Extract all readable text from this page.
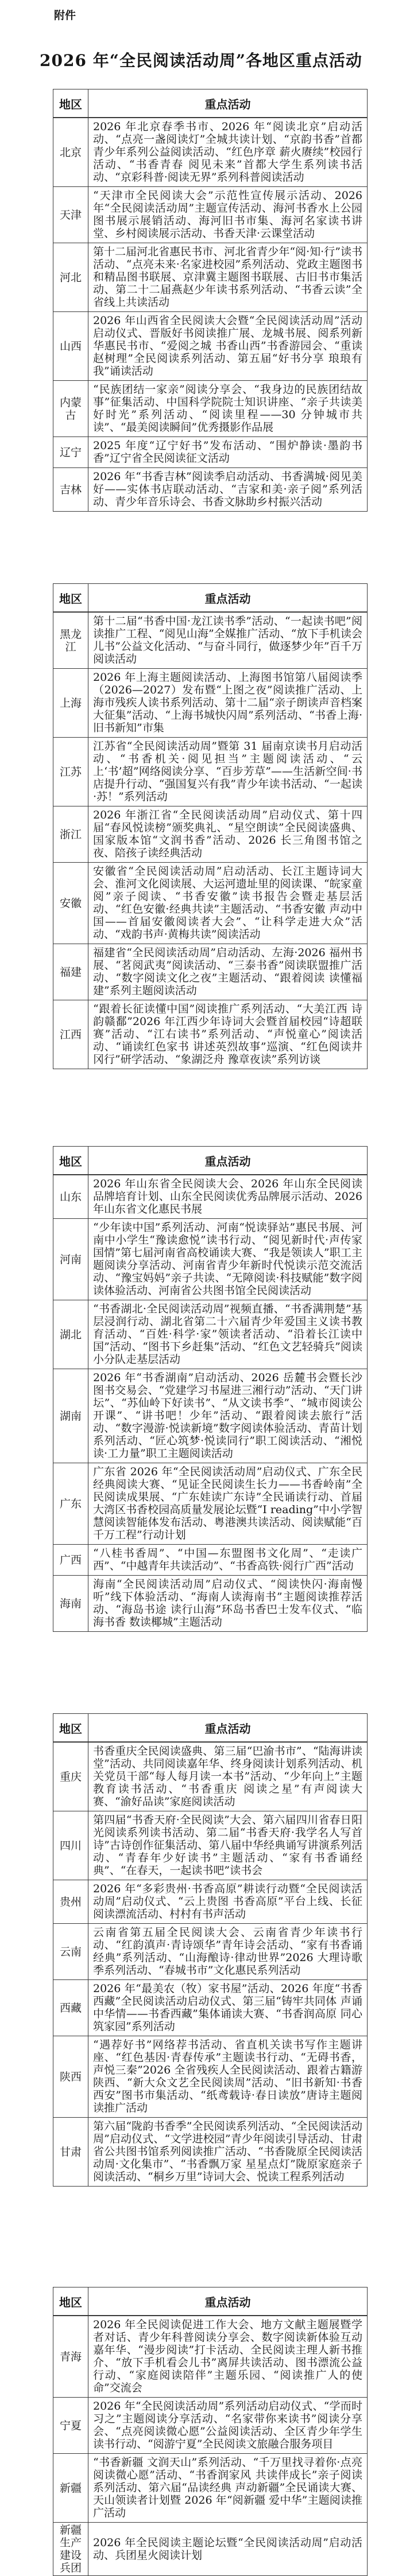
附件
2026 年“全民阅读活动周”各地区重点活动
地区	重点活动
北京	2026 年北京春季书市、2026 年“阅读北京”启动活动、“点亮一盏阅读灯”全城共读计划、“京韵书香”首都青少年系列公益阅读活动、“红色序章 薪火赓续”校园行活动、“书香青春 阅见未来”首都大学生系列读书活动、“京彩科普·阅读无界”系列科普阅读活动
天津	“天津市全民阅读大会”示范性宣传展示活动、2026 年“全民阅读活动周”主题宣传活动、海河书香水上公园图书展示展销活动、海河旧书市集、海河名家读书讲堂、乡村阅读展示活动、书香天津·云课堂活动
河北	第十二届河北省惠民书市、河北省青少年“阅·知·行”读书活动、“点亮未来·名家进校园”系列活动、党政主题图书和精品图书联展、京津冀主题图书联展、古旧书市集活动、第二十二届燕赵少年读书系列活动、“书香云读”全省线上共读活动
山西	2026 年山西省全民阅读大会暨“全民阅读活动周”活动启动仪式、晋版好书阅读推广展、龙城书展、阅系列新华惠民书市、“爱阅之城 书香山西”书香游园会、“重读赵树理”全民阅读系列活动、第五届“好书分享 琅琅有我”诵读活动
内蒙古	“民族团结一家亲”阅读分享会、“我身边的民族团结故事”征集活动、中国科学院院士知识讲座、“亲子共读美好时光”系列活动、“阅读里程——30 分钟城市共读”、“最美阅读瞬间”优秀摄影作品展
辽宁	2025 年度“辽宁好书”发布活动、“围炉静读·墨韵书香”辽宁省全民阅读征文活动
吉林	2026 年“书香吉林”阅读季启动活动、书香满城·阅见美好——实体书店联动活动、“吉家和美·亲子阅”系列活动、青少年音乐诗会、书香文脉助乡村振兴活动
地区	重点活动
黑龙江	第十二届“书香中国·龙江读书季”活动、“一起读书吧”阅读推广工程、“阅见山海”全媒推广活动、“放下手机读会儿书”公益文化活动、“与奋斗同行，做逐梦少年”百千万阅读活动
上海	2026 年上海主题阅读活动、上海图书馆第八届阅读季（2026—2027）发布暨“上图之夜”阅读推广活动、上海市残疾人读书系列活动、第十二届“亲子朗读声音档案大征集”活动、“上海书城快闪周”系列活动、“书香上海·旧书新知”市集
江苏	江苏省“全民阅读活动周”暨第 31 届南京读书月启动活动、“书香机关·阅见担当”主题阅读活动、“云上‘书’超”网络阅读分享、“百步芳草”——生活新空间·书店提升行动、“强国复兴有我”青少年读书活动、“一起读·苏！”系列活动
浙江	2026 年浙江省“全民阅读活动周”启动仪式、第十四届“春风悦读榜”颁奖典礼、“星空朗读”全民阅读盛典、国家版本馆“文润书香”活动、2026 长三角图书馆之夜、陪孩子读经典活动
安徽	安徽省“全民阅读活动周”启动活动、长江主题诗词大会、淮河文化阅读展、大运河遗址里的阅读课、“皖家童阅”亲子阅读、“书香安徽”读书报告会暨走基层活动、“红色安徽·经典共读”主题活动、“书香安徽 声动中国——首届安徽阅读者大会”、“让科学走进大众”活动、“戏韵书声·黄梅共读”阅读活动
福建	福建省“全民阅读活动周”启动活动、左海·2026 福州书展、“茗阅武夷”阅读活动、“三泰书香”阅读联盟推广活动、“数字阅读文化之夜”主题活动、“跟着阅读 读懂福建”系列主题阅读活动
江西	“跟着长征读懂中国”阅读推广系列活动、“大美江西 诗韵赣鄱”2026 年江西少年诗词大会暨首届校园“诗超联赛”活动、“江右读书”系列活动、“声悦童心”阅读活动、“诵读红色家书 讲述英烈故事”巡演、“红色阅读井冈行”研学活动、“象湖泛舟 豫章夜读”系列访谈
地区	重点活动
山东	2026 年山东省全民阅读大会、2026 年山东全民阅读品牌培育计划、山东全民阅读优秀品牌展示活动、2026 年山东省文化惠民书展
河南	“少年读中国”系列活动、河南“悦读驿站”惠民书展、河南中小学生“豫读愈悦”读书行动、“阅见新时代·声传家国情”第七届河南省高校诵读大赛、“我是领读人”职工主题阅读分享活动、河南省青少年新时代悦读示范交流活动、“豫宝妈妈”亲子共读、“无障阅读·科技赋能”数字阅读体验活动、河南省公共图书馆全民阅读活动
湖北	“书香湖北·全民阅读活动周”视频直播、“书香满荆楚”基层浸润行动、湖北省第二十六届青少年爱国主义读书教育活动、“百姓·科学·家”领读者活动、“沿着长江读中国”活动、“图书下乡赶集”活动、“红色文艺轻骑兵”阅读小分队走基层活动
湖南	2026 年“书香湖南”启动活动、2026 岳麓书会暨长沙图书交易会、“党建学习书屋进三湘行动”活动、“天门讲坛”、“苏仙岭下好读书”、“从文读书季”、“城市阅读公开课”、“讲书吧！少年”活动、“跟着阅读去旅行”活动、“数字漫游·悦读新境”数字阅读体验活动、青苗计划系列活动、“匠心筑梦·悦读同行”职工阅读活动、“湘悦读·工力量”职工主题阅读活动
广东	广东省 2026 年“全民阅读活动周”启动仪式、广东全民经典阅读大赛、“见证全民阅读生长力——书香岭南”全民阅读成果展、“广东娃读广东诗”全民诵读行动、首届大湾区书香校园高质量发展论坛暨“I reading”中小学智慧阅读智能体发布活动、粤港澳共读活动、阅读赋能“百千万工程”行动计划
广西	“八桂书香周”、“中国—东盟图书文化周”、“走读广西”、“中越青年共读活动”、“书香高铁·阅行广西”活动
海南	海南“全民阅读活动周”启动仪式、“阅读快闪·海南慢听”线下体验活动、“海南人读海南书”主题阅读推荐活动、“海岛书途 读行山海”环岛书香巴士发车仪式、“临海书香 数读椰城”主题活动
地区	重点活动
重庆	书香重庆全民阅读盛典、第三届“巴渝书市”、“陆海讲读堂”活动、共同阅读嘉年华、终身阅读计划系列活动、机关党员干部“每人每月读一本书”活动、“少年向上”主题教育读书活动、“书香重庆 阅读之星”有声阅读大赛、“渝好品读”家庭阅读活动
四川	第四届“书香天府·全民阅读”大会、第六届四川省春日阳光阅读系列读书活动、第二届“书香天府·我学名人写首诗”古诗创作征集活动、第八届中华经典诵写讲演系列活动、“青春年少好读书”主题活动、“家有书香诵经典”、“在春天，一起读书吧”读书会
贵州	2026 年“多彩贵州·书香高原”耕读行动暨“全民阅读活动周”启动仪式、“云上贵图 书香高原”平台上线、长征阅读漂流活动、村村有书声活动
云南	云南省第五届全民阅读大会、云南省青少年读书行动、“红韵滇声·青诗颂华”青年诗会活动、“家有书香诵经典”系列活动、“山海酿诗·律动世界”2026 大理诗歌季系列活动、“春城书市”文化惠民系列活动
西藏	2026 年“最美农（牧）家书屋”活动、2026 年度“书香西藏”全民阅读活动启动仪式、第三届“铸牢共同体 声诵中华情——书香西藏”集体诵读大赛、“书香润高原 同心筑家园”系列活动
陕西	“遇荐好书”网络荐书活动、省直机关读书写作主题讲座、“红色基因·青春传承”主题读书行动、“无碍书香，声悦三秦”2026 全省残疾人全民阅读活动、跟着古籍游陕西、“新大众文艺全民阅读周”活动、“旧书新知·书香西安”图书市集活动、“纸鸢载诗·春日读放”唐诗主题阅读推广活动
甘肃	第六届“陇韵书香季”全民阅读系列活动、“全民阅读活动周”启动仪式、“文学进校园”青少年阅读引导活动、甘肃省公共图书馆系列阅读推广活动、“书香陇原全民阅读活动周·文化集市”、“书香飘万家 星星点灯”陇原家庭亲子阅读活动、“桐乡万里”诗词大会、悦读工程系列活动
地区	重点活动
青海	2026 年全民阅读促进工作大会、地方文献主题展暨学者对话、青少年科普阅读分享会、数字阅读新体验互动嘉年华、“漫步阅读”打卡活动、全民阅读主理人新书推介、“放下手机看会儿书”离屏共读活动、图书漂流公益行动、“家庭阅读陪伴”主题乐园、“阅读推广人的使命”交流会
宁夏	2026 年“全民阅读活动周”系列活动启动仪式、“学而时习之”主题阅读分享活动、“名家带你来读书”阅读分享会、“点亮阅读微心愿”公益阅读活动、全区青少年学生读书行动、“阅游宁夏”全民阅读文旅融合服务项目
新疆	“书香新疆 文润天山”系列活动、“千万里找寻着你·点亮阅读微心愿”活动、“书香润家风 共读伴成长”亲子阅读系列活动、第六届“品读经典 声动新疆”全民诵读大赛、天山领读者计划暨 2026 年“阅新疆 爱中华”主题阅读推广活动
新疆生产建设兵团	2026 年全民阅读主题论坛暨“全民阅读活动周”启动活动、兵团星火阅读计划
